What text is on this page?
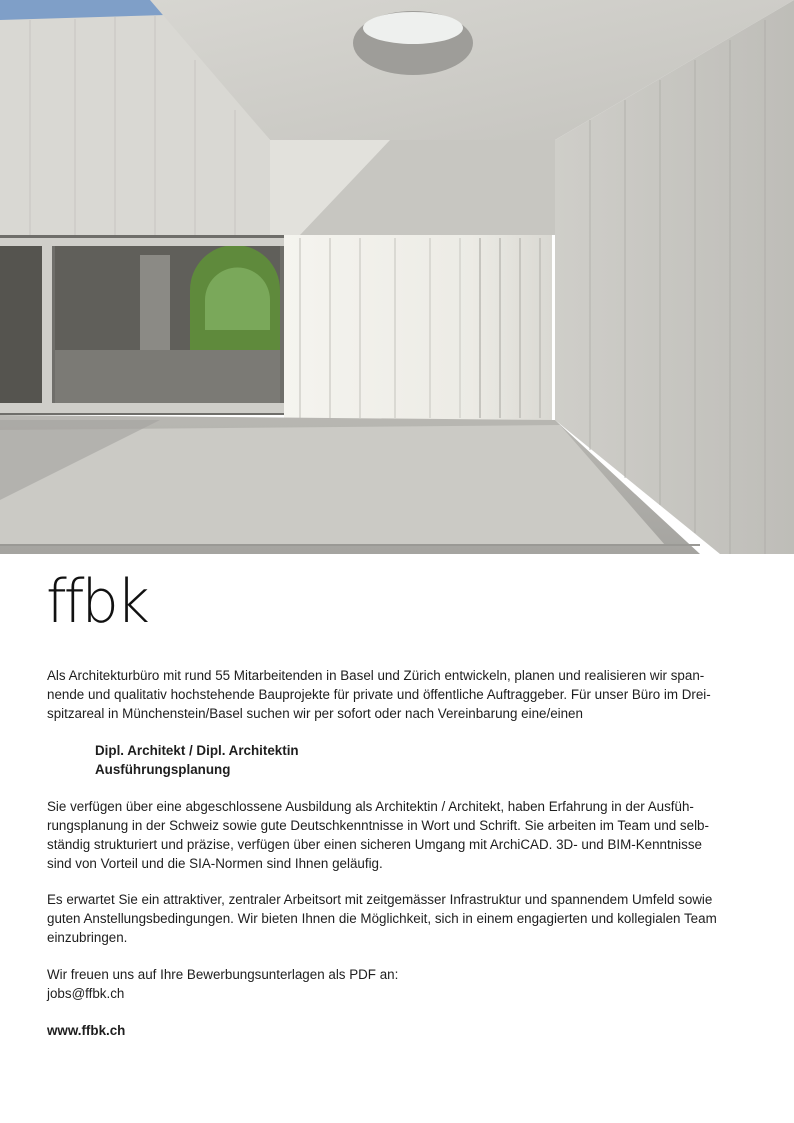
ffbk

Als Architekturbüro mit rund 55 Mitarbeitenden in Basel und Zürich entwickeln, planen und realisieren wir span-

nende und qualitativ hochstehende Bauprojekte für private und öffentliche Auftraggeber. Für unser Büro im Drei-

spitzareal in Münchenstein/Basel suchen wir per sofort oder nach Vereinbarung eine/einen

Dipl. Architekt / Dipl. Architektin
Ausführungsplanung

Sie verfügen über eine abgeschlossene Ausbildung als Architektin / Architekt, haben Erfahrung in der Ausfüh-

rungsplanung in der Schweiz sowie gute Deutschkenntnisse in Wort und Schrift. Sie arbeiten im Team und selb-

ständig strukturiert und präzise, verfügen über einen sicheren Umgang mit ArchiCAD. 3D- und BIM-Kenntnisse

sind von Vorteil und die SIA-Normen sind Ihnen geläufig.

Es erwartet Sie ein attraktiver, zentraler Arbeitsort mit zeitgemässer Infrastruktur und spannendem Umfeld sowie

guten Anstellungsbedingungen. Wir bieten Ihnen die Möglichkeit, sich in einem engagierten und kollegialen Team

einzubringen.

Wir freuen uns auf Ihre Bewerbungsunterlagen als PDF an:

jobs@ffbk.ch

www.ffbk.ch
